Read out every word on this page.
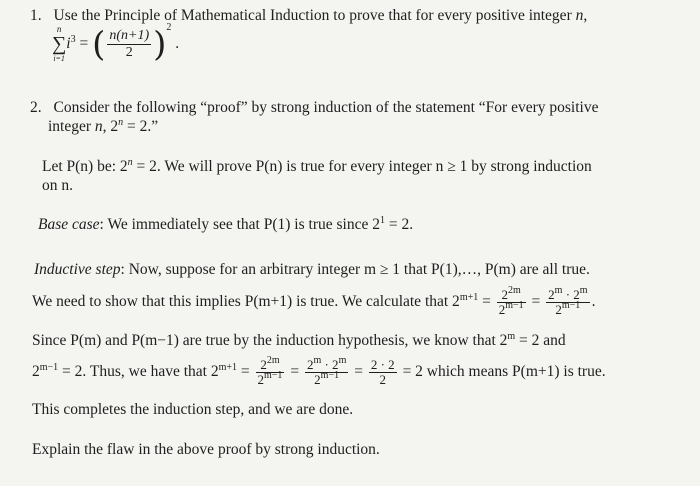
1. Use the Principle of Mathematical Induction to prove that for every positive integer n,
n
∑
i=1
$i^3$ = ( $\frac{n(n+1)}{2} )^2$ .
2. Consider the following “proof” by strong induction of the statement “For every positive
integer n, $2^n = 2$.”
Let P(n) be: $2^n = 2$. We will prove P(n) is true for every integer n ≥ 1 by strong induction
on n.
Base case: We immediately see that P(1) is true since $2^1 = 2$.
Inductive step: Now, suppose for an arbitrary integer m ≥ 1 that P(1),…, P(m) are all true.
We need to show that this implies P(m+1) is true. We calculate that $2^{m+1} = \frac{2^{2m}}{2^{m-1}} = \frac{2^m \cdot 2^m}{2^{m-1}}$ .
Since P(m) and P(m−1) are true by the induction hypothesis, we know that $2^m = 2$ and
$2^{m-1} = 2$. Thus, we have that $2^{m+1} = \frac{2^{2m}}{2^{m-1}} = \frac{2^m \cdot 2^m}{2^{m-1}} = \frac{2 \cdot 2}{2} = 2$ which means P(m+1) is true.
This completes the induction step, and we are done.
Explain the flaw in the above proof by strong induction.
